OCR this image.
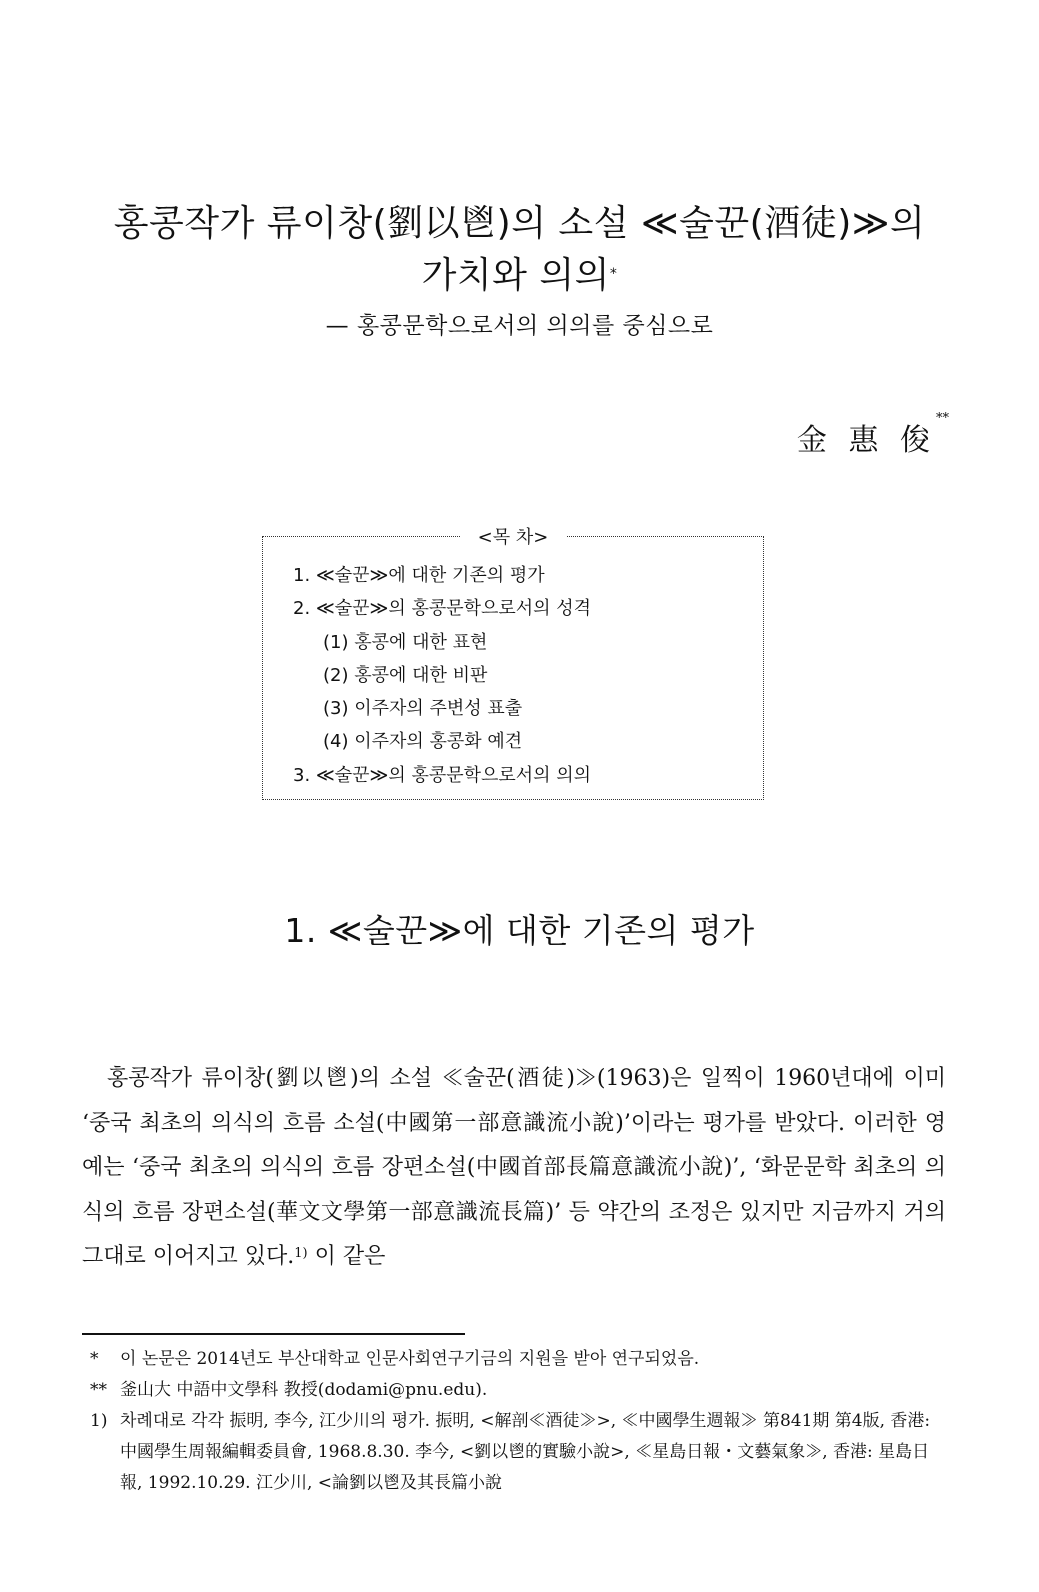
홍콩작가 류이창(劉以鬯)의 소설 ≪술꾼(酒徒)≫의
가치와 의의*
— 홍콩문학으로서의 의의를 중심으로
金 惠 俊**
<목 차>
1. ≪술꾼≫에 대한 기존의 평가
2. ≪술꾼≫의 홍콩문학으로서의 성격
(1) 홍콩에 대한 표현
(2) 홍콩에 대한 비판
(3) 이주자의 주변성 표출
(4) 이주자의 홍콩화 예견
3. ≪술꾼≫의 홍콩문학으로서의 의의
1. ≪술꾼≫에 대한 기존의 평가

홍콩작가 류이창(劉以鬯)의 소설 ≪술꾼(酒徒)≫(1963)은 일찍이 1960년대에 이미 ‘중국 최초의 의식의 흐름 소설(中國第一部意識流小說)’이라는 평가를 받았다. 이러한 영예는 ‘중국 최초의 의식의 흐름 장편소설(中國首部長篇意識流小說)’, ‘화문문학 최초의 의식의 흐름 장편소설(華文文學第一部意識流長篇)’ 등 약간의 조정은 있지만 지금까지 거의 그대로 이어지고 있다.$^{1)}$ 이 같은

*	이 논문은 2014년도 부산대학교 인문사회연구기금의 지원을 받아 연구되었음.
** 釜山大 中語中文學科 教授(dodami@pnu.edu).
1) 차례대로 각각 振明, 李今, 江少川의 평가. 振明, <解剖≪酒徒≫>, ≪中國學生週報≫ 第841期 第4版, 香港: 中國學生周報編輯委員會, 1968.8.30. 李今, <劉以鬯的實驗小說>, ≪星島日報・文藝氣象≫, 香港: 星島日報, 1992.10.29. 江少川, <論劉以鬯及其長篇小說
